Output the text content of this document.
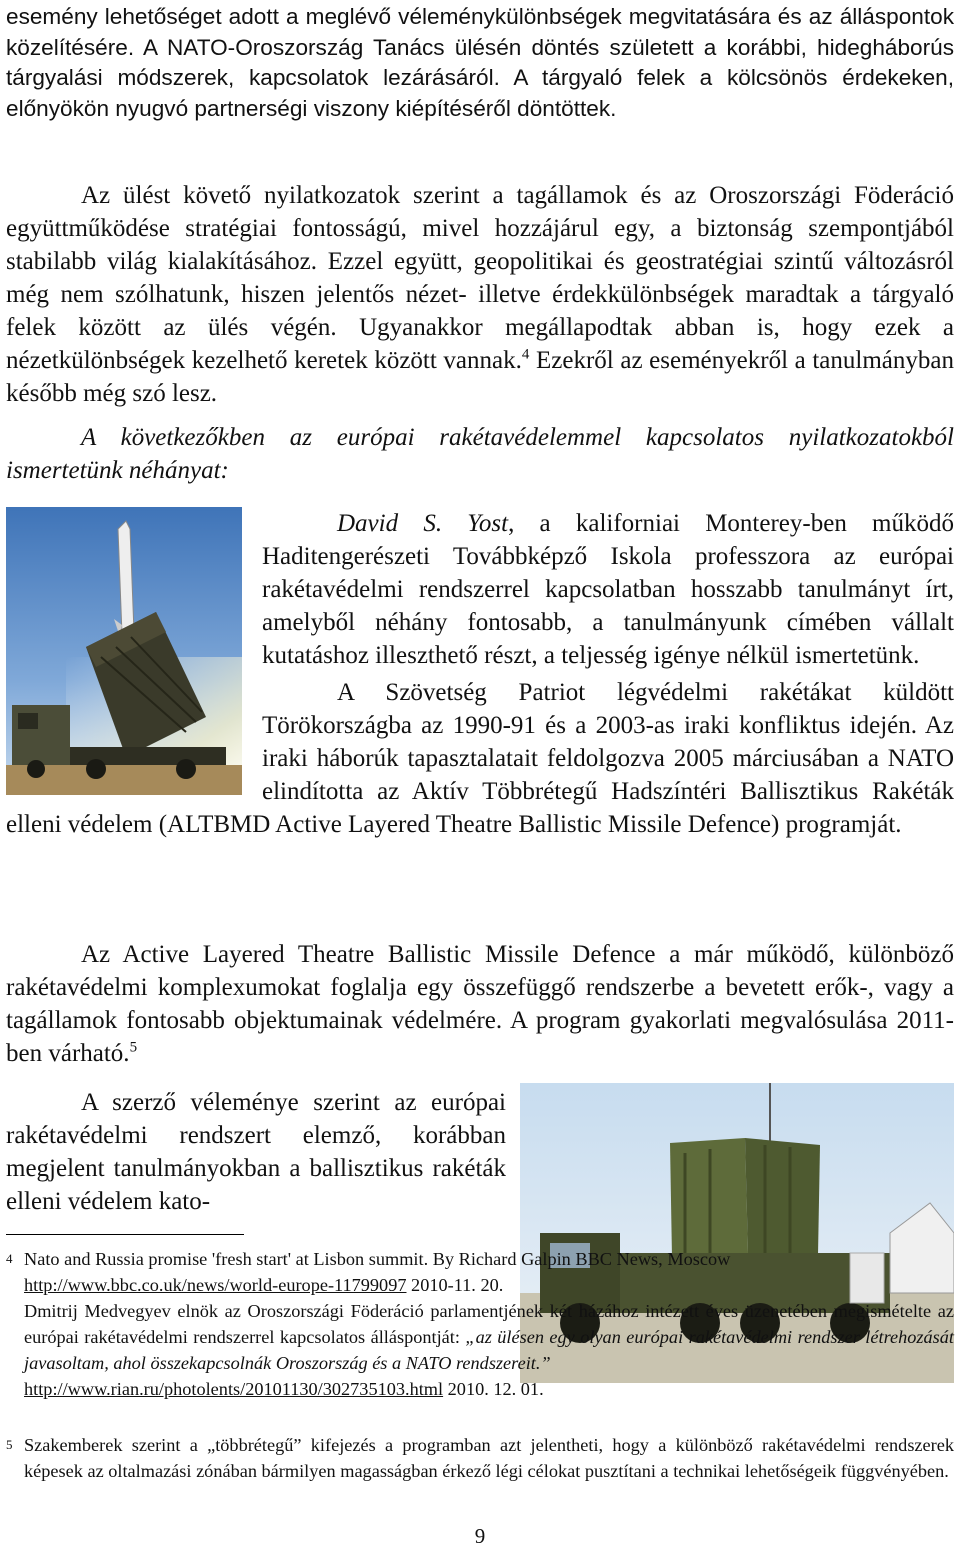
esemény lehetőséget adott a meglévő véleménykülönbségek megvitatására és az álláspontok közelítésére. A NATO-Oroszország Tanács ülésén döntés született a korábbi, hidegháborús tárgyalási módszerek, kapcsolatok lezárásáról. A tárgyaló felek a kölcsönös érdekeken, előnyökön nyugvó partnerségi viszony kiépítéséről döntöttek.

Az ülést követő nyilatkozatok szerint a tagállamok és az Oroszországi Föderáció együttműködése stratégiai fontosságú, mivel hozzájárul egy, a biztonság szempontjából stabilabb világ kialakításához. Ezzel együtt, geopolitikai és geostratégiai szintű változásról még nem szólhatunk, hiszen jelentős nézet- illetve érdekkülönbségek maradtak a tárgyaló felek között az ülés végén. Ugyanakkor megállapodtak abban is, hogy ezek a nézetkülönbségek kezelhető keretek között vannak.$^4$ Ezekről az eseményekről a tanulmányban később még szó lesz.

A következőkben az európai rakétavédelemmel kapcsolatos nyilatkozatokból ismertetünk néhányat:

David S. Yost, a kaliforniai Monterey-ben működő Haditengerészeti Továbbképző Iskola professzora az európai rakétavédelmi rendszerrel kapcsolatban hosszabb tanulmányt írt, amelyből néhány fontosabb, a tanulmányunk címében vállalt kutatáshoz illeszthető részt, a teljesség igénye nélkül ismertetünk.

A Szövetség Patriot légvédelmi rakétákat küldött Törökországba az 1990-91 és a 2003-as iraki konfliktus idején. Az iraki háborúk tapasztalatait feldolgozva 2005 márciusában a NATO elindította az Aktív Többrétegű Hadszíntéri Ballisztikus Rakéták elleni védelem (ALTBMD Active Layered Theatre Ballistic Missile Defence) programját.

Az Active Layered Theatre Ballistic Missile Defence a már működő, különböző rakétavédelmi komplexumokat foglalja egy összefüggő rendszerbe a bevetett erők-, vagy a tagállamok fontosabb objektumainak védelmére. A program gyakorlati megvalósulása 2011-ben várható.$^5$

A szerző véleménye szerint az európai rakétavédelmi rendszert elemző, korábban megjelent tanulmányokban a ballisztikus rakéták elleni védelem kato-

4 Nato and Russia promise 'fresh start' at Lisbon summit. By Richard Galpin BBC News, Moscow

http://www.bbc.co.uk/news/world-europe-11799097 2010-11. 20.

Dmitrij Medvegyev elnök az Oroszországi Föderáció parlamentjének két házához intézett éves üzenetében megismételte az európai rakétavédelmi rendszerrel kapcsolatos álláspontját: „az ülésen egy olyan európai rakétavédelmi rendszer létrehozását javasoltam, ahol összekapcsolnák Oroszország és a NATO rendszereit.”

http://www.rian.ru/photolents/20101130/302735103.html 2010. 12. 01.

5 Szakemberek szerint a „többrétegű” kifejezés a programban azt jelentheti, hogy a különböző rakétavédelmi rendszerek képesek az oltalmazási zónában bármilyen magasságban érkező légi célokat pusztítani a technikai lehetőségeik függvényében.
9
